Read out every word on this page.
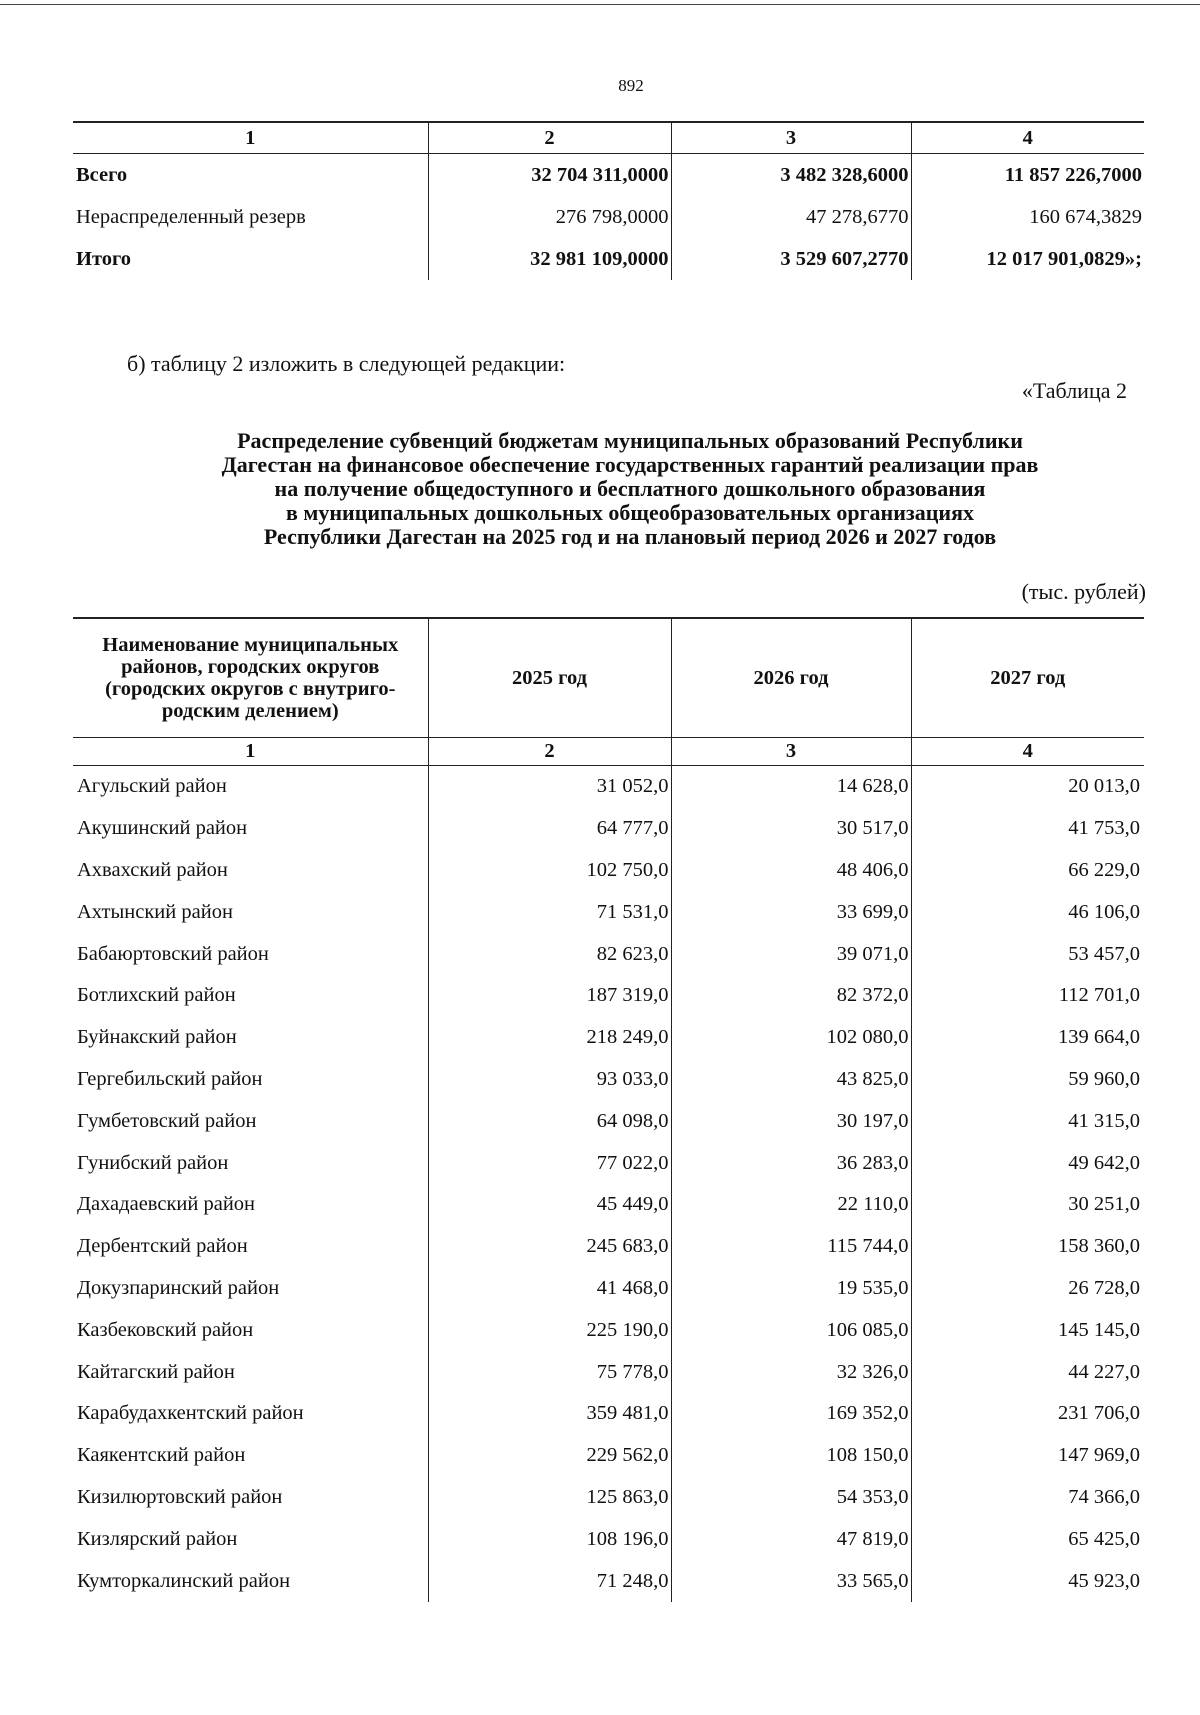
892
1	2	3	4
Всего	32 704 311,0000	3 482 328,6000	11 857 226,7000
Нераспределенный резерв	276 798,0000	47 278,6770	160 674,3829
Итого	32 981 109,0000	3 529 607,2770	12 017 901,0829»;
б) таблицу 2 изложить в следующей редакции:
«Таблица 2
Распределение субвенций бюджетам муниципальных образований Республики
Дагестан на финансовое обеспечение государственных гарантий реализации прав
на получение общедоступного и бесплатного дошкольного образования
в муниципальных дошкольных общеобразовательных организациях
Республики Дагестан на 2025 год и на плановый период 2026 и 2027 годов
(тыс. рублей)
Наименование муниципальных
районов, городских округов
(городских округов с внутриго-
родским делением)	2025 год	2026 год	2027 год
1	2	3	4
Агульский район	31 052,0	14 628,0	20 013,0
Акушинский район	64 777,0	30 517,0	41 753,0
Ахвахский район	102 750,0	48 406,0	66 229,0
Ахтынский район	71 531,0	33 699,0	46 106,0
Бабаюртовский район	82 623,0	39 071,0	53 457,0
Ботлихский район	187 319,0	82 372,0	112 701,0
Буйнакский район	218 249,0	102 080,0	139 664,0
Гергебильский район	93 033,0	43 825,0	59 960,0
Гумбетовский район	64 098,0	30 197,0	41 315,0
Гунибский район	77 022,0	36 283,0	49 642,0
Дахадаевский район	45 449,0	22 110,0	30 251,0
Дербентский район	245 683,0	115 744,0	158 360,0
Докузпаринский район	41 468,0	19 535,0	26 728,0
Казбековский район	225 190,0	106 085,0	145 145,0
Кайтагский район	75 778,0	32 326,0	44 227,0
Карабудахкентский район	359 481,0	169 352,0	231 706,0
Каякентский район	229 562,0	108 150,0	147 969,0
Кизилюртовский район	125 863,0	54 353,0	74 366,0
Кизлярский район	108 196,0	47 819,0	65 425,0
Кумторкалинский район	71 248,0	33 565,0	45 923,0
